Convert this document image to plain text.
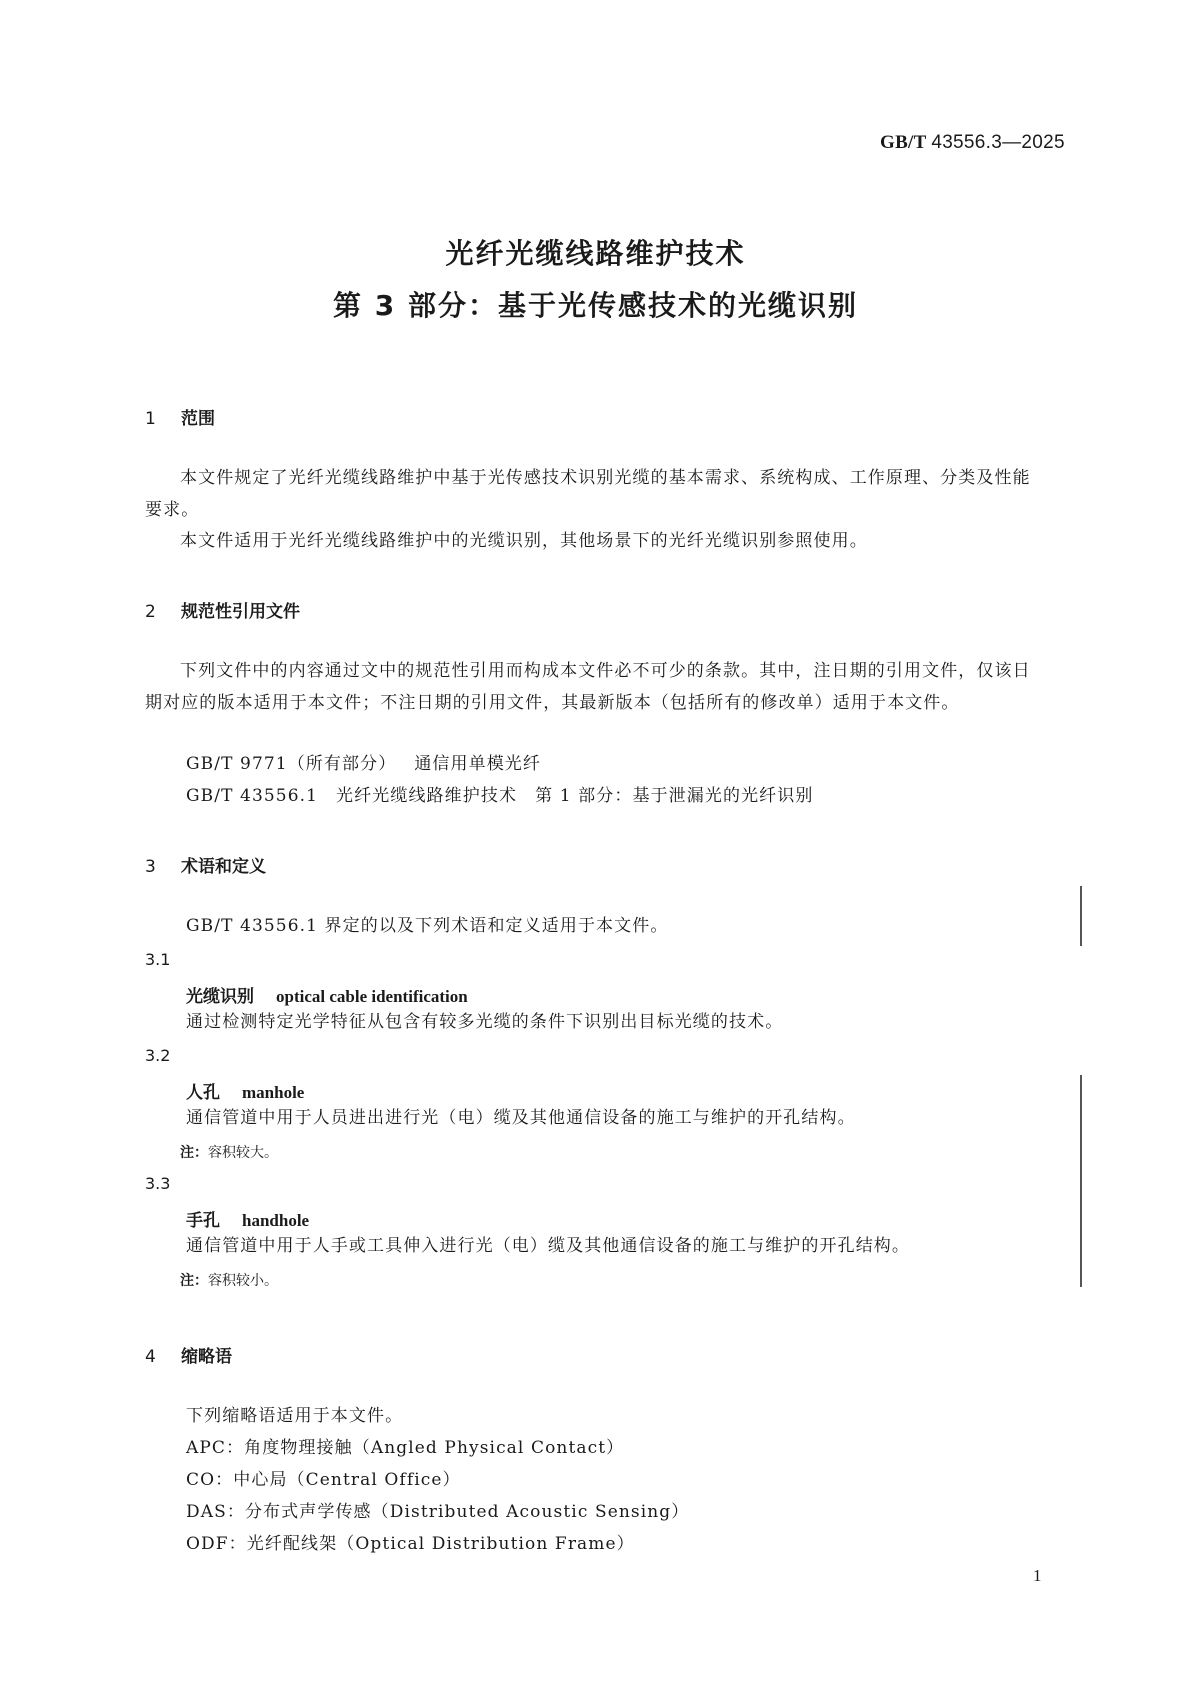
GB/T 43556.3—2025
光纤光缆线路维护技术
第 3 部分：基于光传感技术的光缆识别
1 范围
本文件规定了光纤光缆线路维护中基于光传感技术识别光缆的基本需求、系统构成、工作原理、分类及性能要求。
本文件适用于光纤光缆线路维护中的光缆识别，其他场景下的光纤光缆识别参照使用。
2 规范性引用文件
下列文件中的内容通过文中的规范性引用而构成本文件必不可少的条款。其中，注日期的引用文件，仅该日期对应的版本适用于本文件；不注日期的引用文件，其最新版本（包括所有的修改单）适用于本文件。
GB/T 9771（所有部分） 通信用单模光纤
GB/T 43556.1 光纤光缆线路维护技术　第 1 部分：基于泄漏光的光纤识别
3 术语和定义
GB/T 43556.1 界定的以及下列术语和定义适用于本文件。
3.1
光缆识别 optical cable identification
通过检测特定光学特征从包含有较多光缆的条件下识别出目标光缆的技术。
3.2
人孔 manhole
通信管道中用于人员进出进行光（电）缆及其他通信设备的施工与维护的开孔结构。
注：容积较大。
3.3
手孔 handhole
通信管道中用于人手或工具伸入进行光（电）缆及其他通信设备的施工与维护的开孔结构。
注：容积较小。
4 缩略语
下列缩略语适用于本文件。
APC：角度物理接触（Angled Physical Contact）
CO：中心局（Central Office）
DAS：分布式声学传感（Distributed Acoustic Sensing）
ODF：光纤配线架（Optical Distribution Frame）
1
